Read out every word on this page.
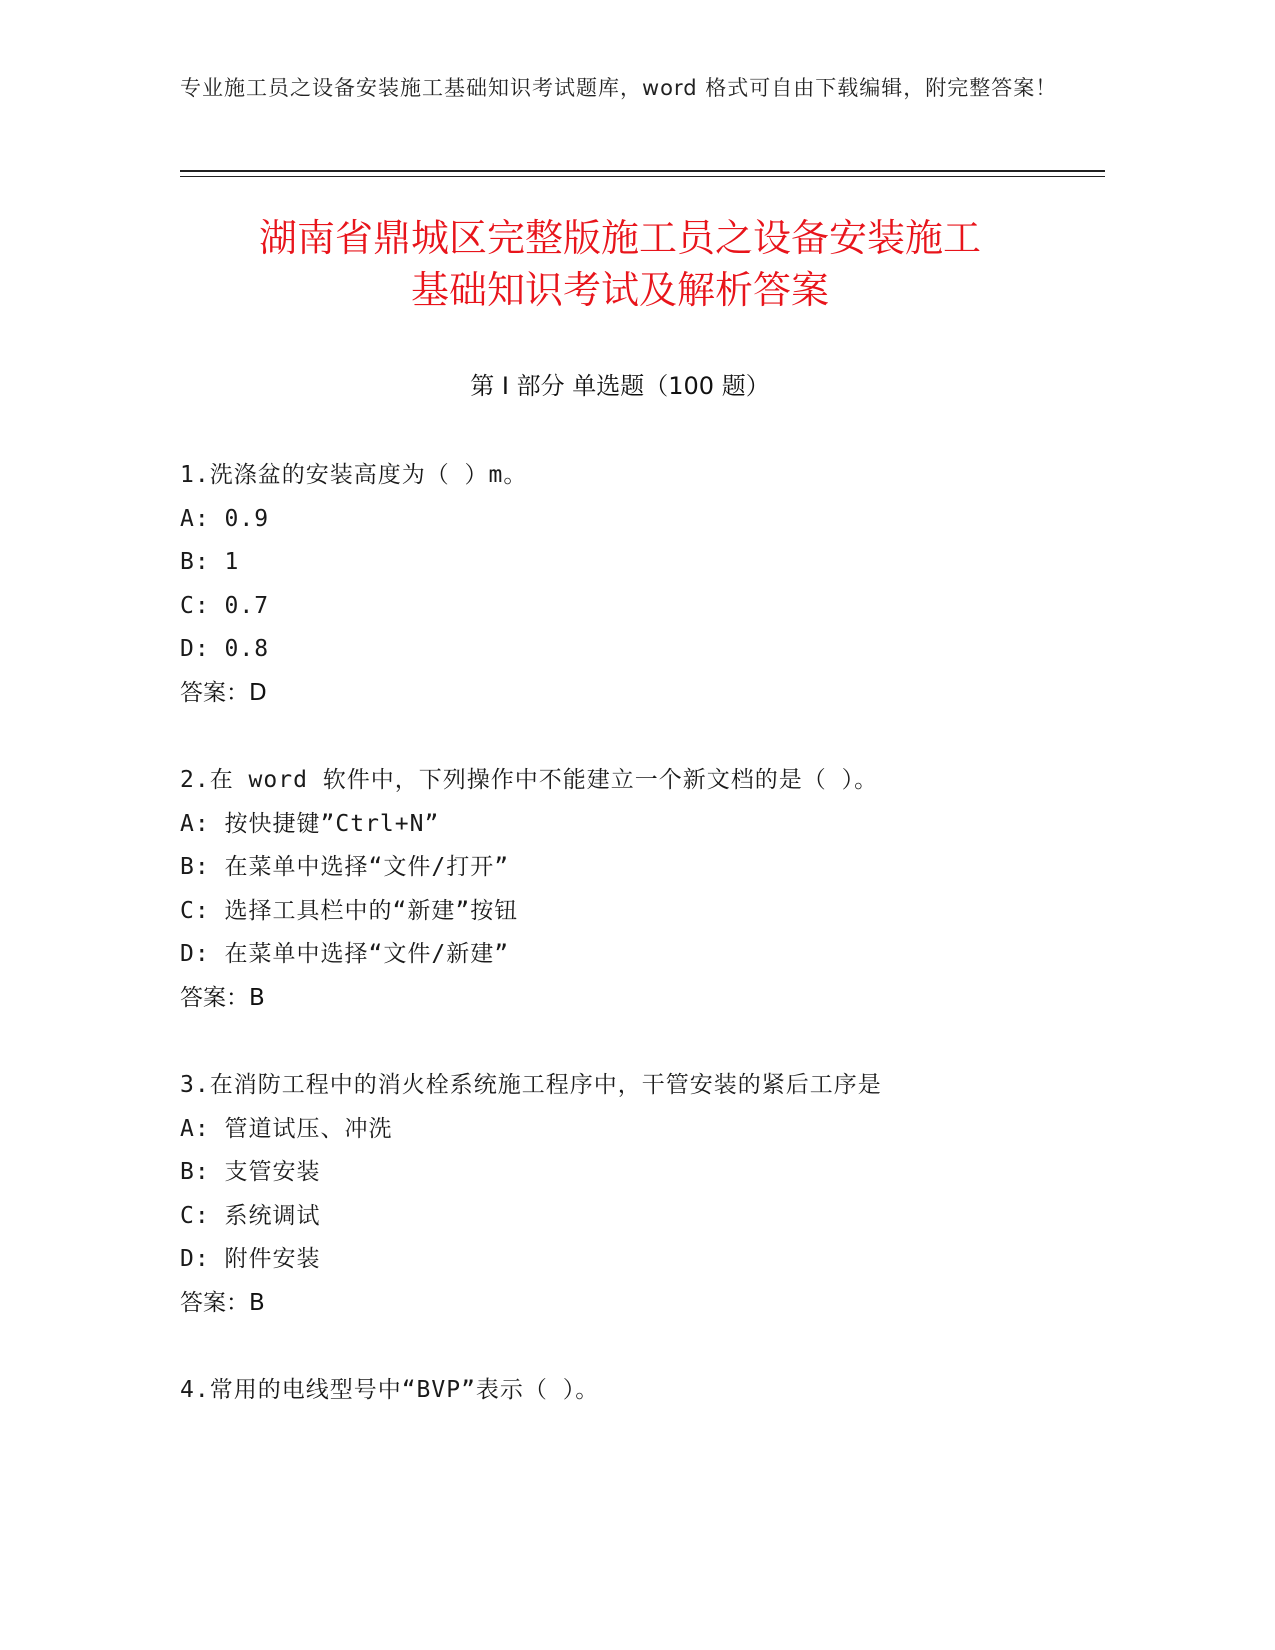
专业施工员之设备安装施工基础知识考试题库，word 格式可自由下载编辑，附完整答案！
湖南省鼎城区完整版施工员之设备安装施工
基础知识考试及解析答案
第 I 部分 单选题（100 题）
1.洗涤盆的安装高度为（ ）m。
A: 0.9
B: 1
C: 0.7
D: 0.8
答案：D
2.在 word 软件中，下列操作中不能建立一个新文档的是（ ）。
A: 按快捷键”Ctrl+N”
B: 在菜单中选择“文件/打开”
C: 选择工具栏中的“新建”按钮
D: 在菜单中选择“文件/新建”
答案：B
3.在消防工程中的消火栓系统施工程序中，干管安装的紧后工序是
A: 管道试压、冲洗
B: 支管安装
C: 系统调试
D: 附件安装
答案：B
4.常用的电线型号中“BVP”表示（ ）。
